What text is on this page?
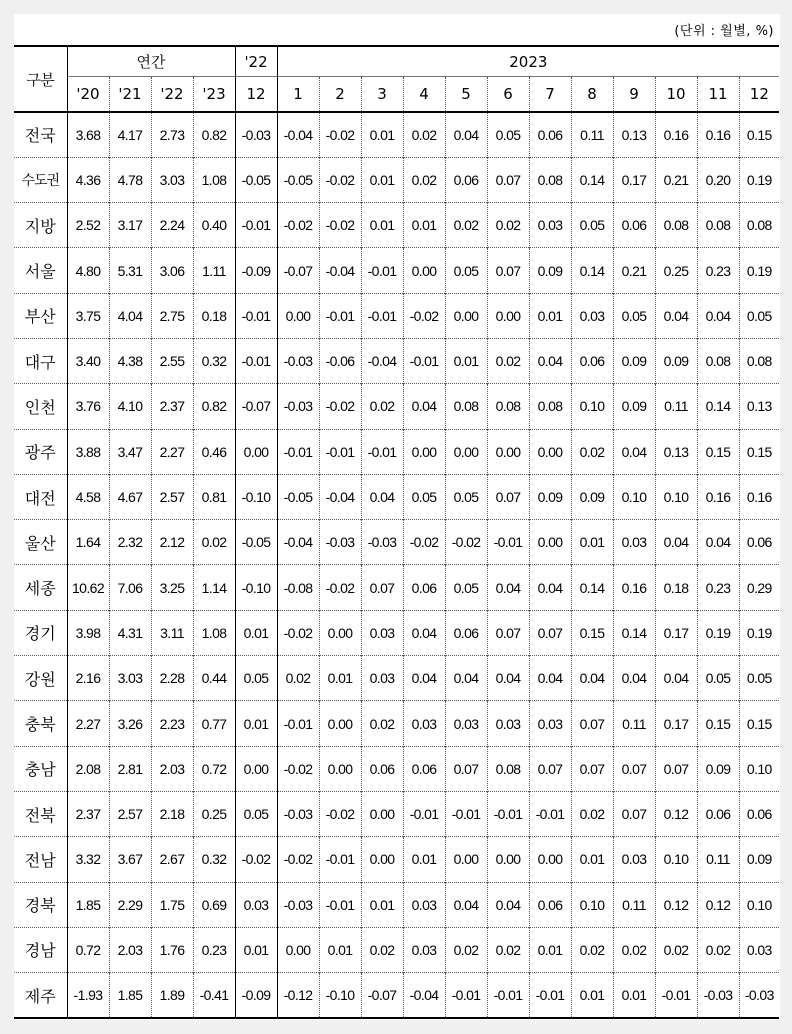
(단위 : 월별, %)
구분	연간				'22	2023											
	'20	'21	'22	'23	12	1	2	3	4	5	6	7	8	9	10	11	12
전국	3.68	4.17	2.73	0.82	-0.03	-0.04	-0.02	0.01	0.02	0.04	0.05	0.06	0.11	0.13	0.16	0.16	0.15
수도권	4.36	4.78	3.03	1.08	-0.05	-0.05	-0.02	0.01	0.02	0.06	0.07	0.08	0.14	0.17	0.21	0.20	0.19
지방	2.52	3.17	2.24	0.40	-0.01	-0.02	-0.02	0.01	0.01	0.02	0.02	0.03	0.05	0.06	0.08	0.08	0.08
서울	4.80	5.31	3.06	1.11	-0.09	-0.07	-0.04	-0.01	0.00	0.05	0.07	0.09	0.14	0.21	0.25	0.23	0.19
부산	3.75	4.04	2.75	0.18	-0.01	0.00	-0.01	-0.01	-0.02	0.00	0.00	0.01	0.03	0.05	0.04	0.04	0.05
대구	3.40	4.38	2.55	0.32	-0.01	-0.03	-0.06	-0.04	-0.01	0.01	0.02	0.04	0.06	0.09	0.09	0.08	0.08
인천	3.76	4.10	2.37	0.82	-0.07	-0.03	-0.02	0.02	0.04	0.08	0.08	0.08	0.10	0.09	0.11	0.14	0.13
광주	3.88	3.47	2.27	0.46	0.00	-0.01	-0.01	-0.01	0.00	0.00	0.00	0.00	0.02	0.04	0.13	0.15	0.15
대전	4.58	4.67	2.57	0.81	-0.10	-0.05	-0.04	0.04	0.05	0.05	0.07	0.09	0.09	0.10	0.10	0.16	0.16
울산	1.64	2.32	2.12	0.02	-0.05	-0.04	-0.03	-0.03	-0.02	-0.02	-0.01	0.00	0.01	0.03	0.04	0.04	0.06
세종	10.62	7.06	3.25	1.14	-0.10	-0.08	-0.02	0.07	0.06	0.05	0.04	0.04	0.14	0.16	0.18	0.23	0.29
경기	3.98	4.31	3.11	1.08	0.01	-0.02	0.00	0.03	0.04	0.06	0.07	0.07	0.15	0.14	0.17	0.19	0.19
강원	2.16	3.03	2.28	0.44	0.05	0.02	0.01	0.03	0.04	0.04	0.04	0.04	0.04	0.04	0.04	0.05	0.05
충북	2.27	3.26	2.23	0.77	0.01	-0.01	0.00	0.02	0.03	0.03	0.03	0.03	0.07	0.11	0.17	0.15	0.15
충남	2.08	2.81	2.03	0.72	0.00	-0.02	0.00	0.06	0.06	0.07	0.08	0.07	0.07	0.07	0.07	0.09	0.10
전북	2.37	2.57	2.18	0.25	0.05	-0.03	-0.02	0.00	-0.01	-0.01	-0.01	-0.01	0.02	0.07	0.12	0.06	0.06
전남	3.32	3.67	2.67	0.32	-0.02	-0.02	-0.01	0.00	0.01	0.00	0.00	0.00	0.01	0.03	0.10	0.11	0.09
경북	1.85	2.29	1.75	0.69	0.03	-0.03	-0.01	0.01	0.03	0.04	0.04	0.06	0.10	0.11	0.12	0.12	0.10
경남	0.72	2.03	1.76	0.23	0.01	0.00	0.01	0.02	0.03	0.02	0.02	0.01	0.02	0.02	0.02	0.02	0.03
제주	-1.93	1.85	1.89	-0.41	-0.09	-0.12	-0.10	-0.07	-0.04	-0.01	-0.01	-0.01	0.01	0.01	-0.01	-0.03	-0.03
